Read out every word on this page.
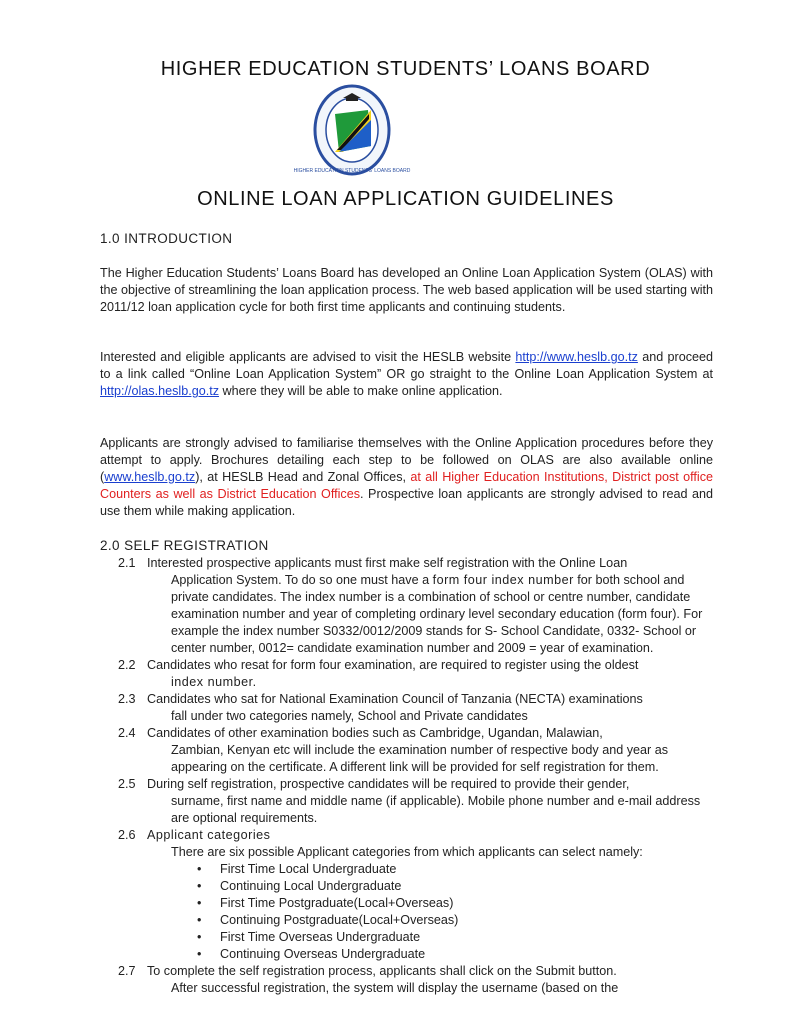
HIGHER EDUCATION STUDENTS’ LOANS BOARD
HIGHER EDUCATION STUDENTS’ LOANS BOARD
ONLINE LOAN APPLICATION GUIDELINES
1.0 INTRODUCTION

The Higher Education Students’ Loans Board has developed an Online Loan Application System (OLAS) with the objective of streamlining the loan application process. The web based application will be used starting with 2011/12 loan application cycle for both first time applicants and continuing students.

Interested and eligible applicants are advised to visit the HESLB website http://www.heslb.go.tz and proceed to a link called “Online Loan Application System” OR go straight to the Online Loan Application System at http://olas.heslb.go.tz where they will be able to make online application.

Applicants are strongly advised to familiarise themselves with the Online Application procedures before they attempt to apply. Brochures detailing each step to be followed on OLAS are also available online (www.heslb.go.tz), at HESLB Head and Zonal Offices, at all Higher Education Institutions, District post office Counters as well as District Education Offices. Prospective loan applicants are strongly advised to read and use them while making application.

2.0 SELF REGISTRATION
2.1 Interested prospective applicants must first make self registration with the Online Loan
Application System. To do so one must have a form four index number for both school and private candidates. The index number is a combination of school or centre number, candidate examination number and year of completing ordinary level secondary education (form four). For example the index number S0332/0012/2009 stands for S- School Candidate, 0332- School or center number, 0012= candidate examination number and 2009 = year of examination.
2.2 Candidates who resat for form four examination, are required to register using the oldest
index number.
2.3 Candidates who sat for National Examination Council of Tanzania (NECTA) examinations
fall under two categories namely, School and Private candidates
2.4 Candidates of other examination bodies such as Cambridge, Ugandan, Malawian,
Zambian, Kenyan etc will include the examination number of respective body and year as appearing on the certificate. A different link will be provided for self registration for them.
2.5 During self registration, prospective candidates will be required to provide their gender,
surname, first name and middle name (if applicable). Mobile phone number and e-mail address are optional requirements.
2.6 Applicant categories
There are six possible Applicant categories from which applicants can select namely:
• First Time Local Undergraduate
• Continuing Local Undergraduate
• First Time Postgraduate(Local+Overseas)
• Continuing Postgraduate(Local+Overseas)
• First Time Overseas Undergraduate
• Continuing Overseas Undergraduate
2.7 To complete the self registration process, applicants shall click on the Submit button.
After successful registration, the system will display the username (based on the
